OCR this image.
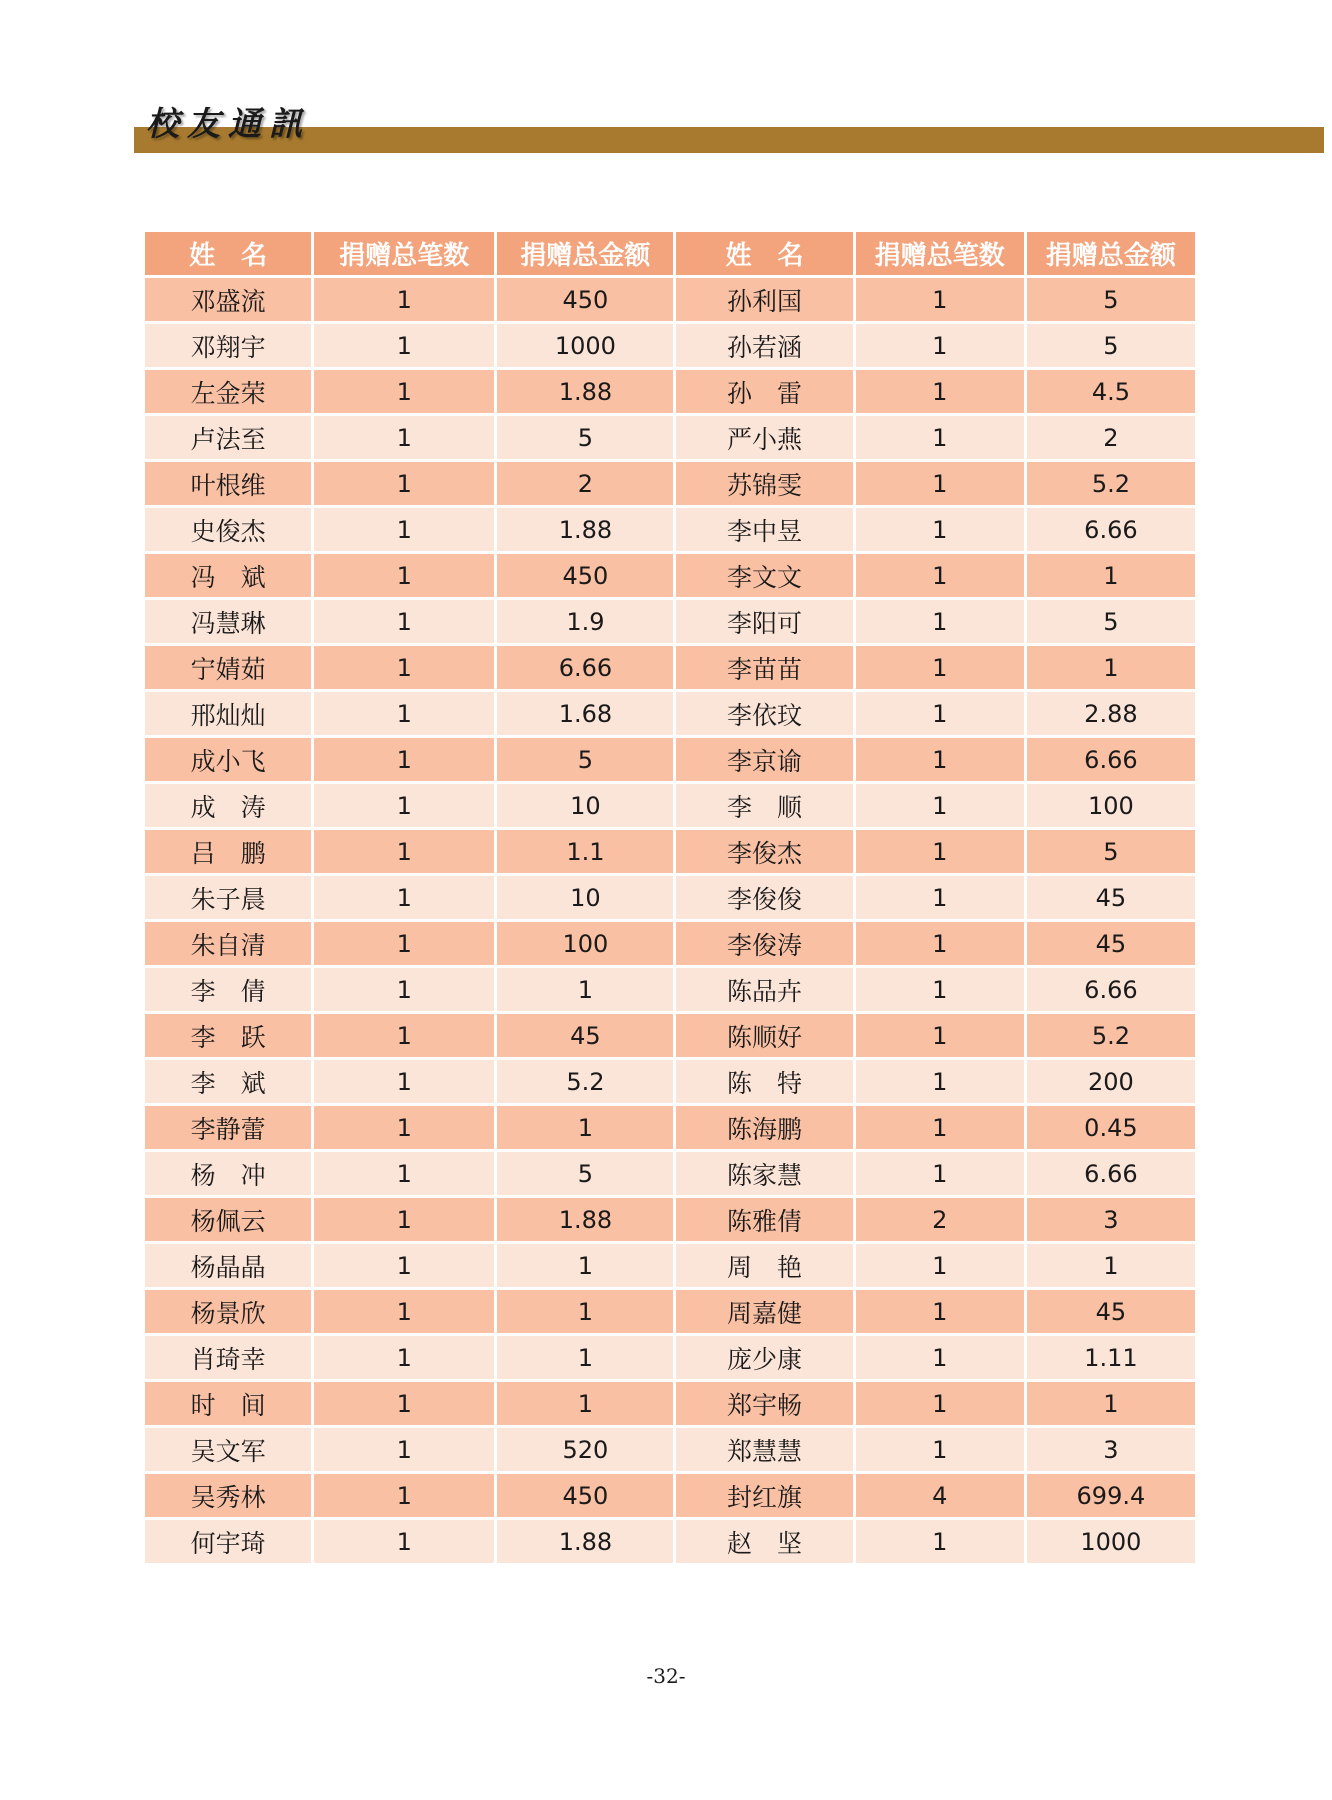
校友通訊
姓　名	捐赠总笔数	捐赠总金额	姓　名	捐赠总笔数	捐赠总金额
邓盛流	1	450	孙利国	1	5
邓翔宇	1	1000	孙若涵	1	5
左金荣	1	1.88	孙　雷	1	4.5
卢法至	1	5	严小燕	1	2
叶根维	1	2	苏锦雯	1	5.2
史俊杰	1	1.88	李中昱	1	6.66
冯　斌	1	450	李文文	1	1
冯慧琳	1	1.9	李阳可	1	5
宁婧茹	1	6.66	李苗苗	1	1
邢灿灿	1	1.68	李依玟	1	2.88
成小飞	1	5	李京谕	1	6.66
成　涛	1	10	李　顺	1	100
吕　鹏	1	1.1	李俊杰	1	5
朱子晨	1	10	李俊俊	1	45
朱自清	1	100	李俊涛	1	45
李　倩	1	1	陈品卉	1	6.66
李　跃	1	45	陈顺好	1	5.2
李　斌	1	5.2	陈　特	1	200
李静蕾	1	1	陈海鹏	1	0.45
杨　冲	1	5	陈家慧	1	6.66
杨佩云	1	1.88	陈雅倩	2	3
杨晶晶	1	1	周　艳	1	1
杨景欣	1	1	周嘉健	1	45
肖琦幸	1	1	庞少康	1	1.11
时　间	1	1	郑宇畅	1	1
吴文军	1	520	郑慧慧	1	3
吴秀林	1	450	封红旗	4	699.4
何宇琦	1	1.88	赵　坚	1	1000
-32-
